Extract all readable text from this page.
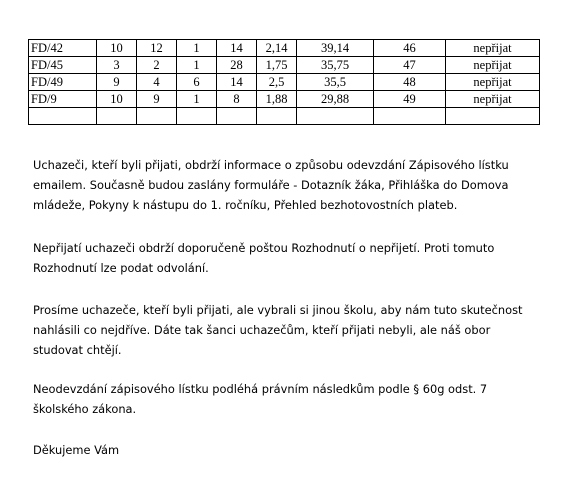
FD/42	10	12	1	14	2,14	39,14	46	nepřijat
FD/45	3	2	1	28	1,75	35,75	47	nepřijat
FD/49	9	4	6	14	2,5	35,5	48	nepřijat
FD/9	10	9	1	8	1,88	29,88	49	nepřijat

Uchazeči, kteří byli přijati, obdrží informace o způsobu odevzdání Zápisového lístku
emailem. Současně budou zaslány formuláře - Dotazník žáka, Přihláška do Domova
mládeže, Pokyny k nástupu do 1. ročníku, Přehled bezhotovostních plateb.

Nepřijatí uchazeči obdrží doporučeně poštou Rozhodnutí o nepřijetí. Proti tomuto
Rozhodnutí lze podat odvolání.

Prosíme uchazeče, kteří byli přijati, ale vybrali si jinou školu, aby nám tuto skutečnost
nahlásili co nejdříve. Dáte tak šanci uchazečům, kteří přijati nebyli, ale náš obor
studovat chtějí.

Neodevzdání zápisového lístku podléhá právním následkům podle § 60g odst. 7
školského zákona.

Děkujeme Vám
